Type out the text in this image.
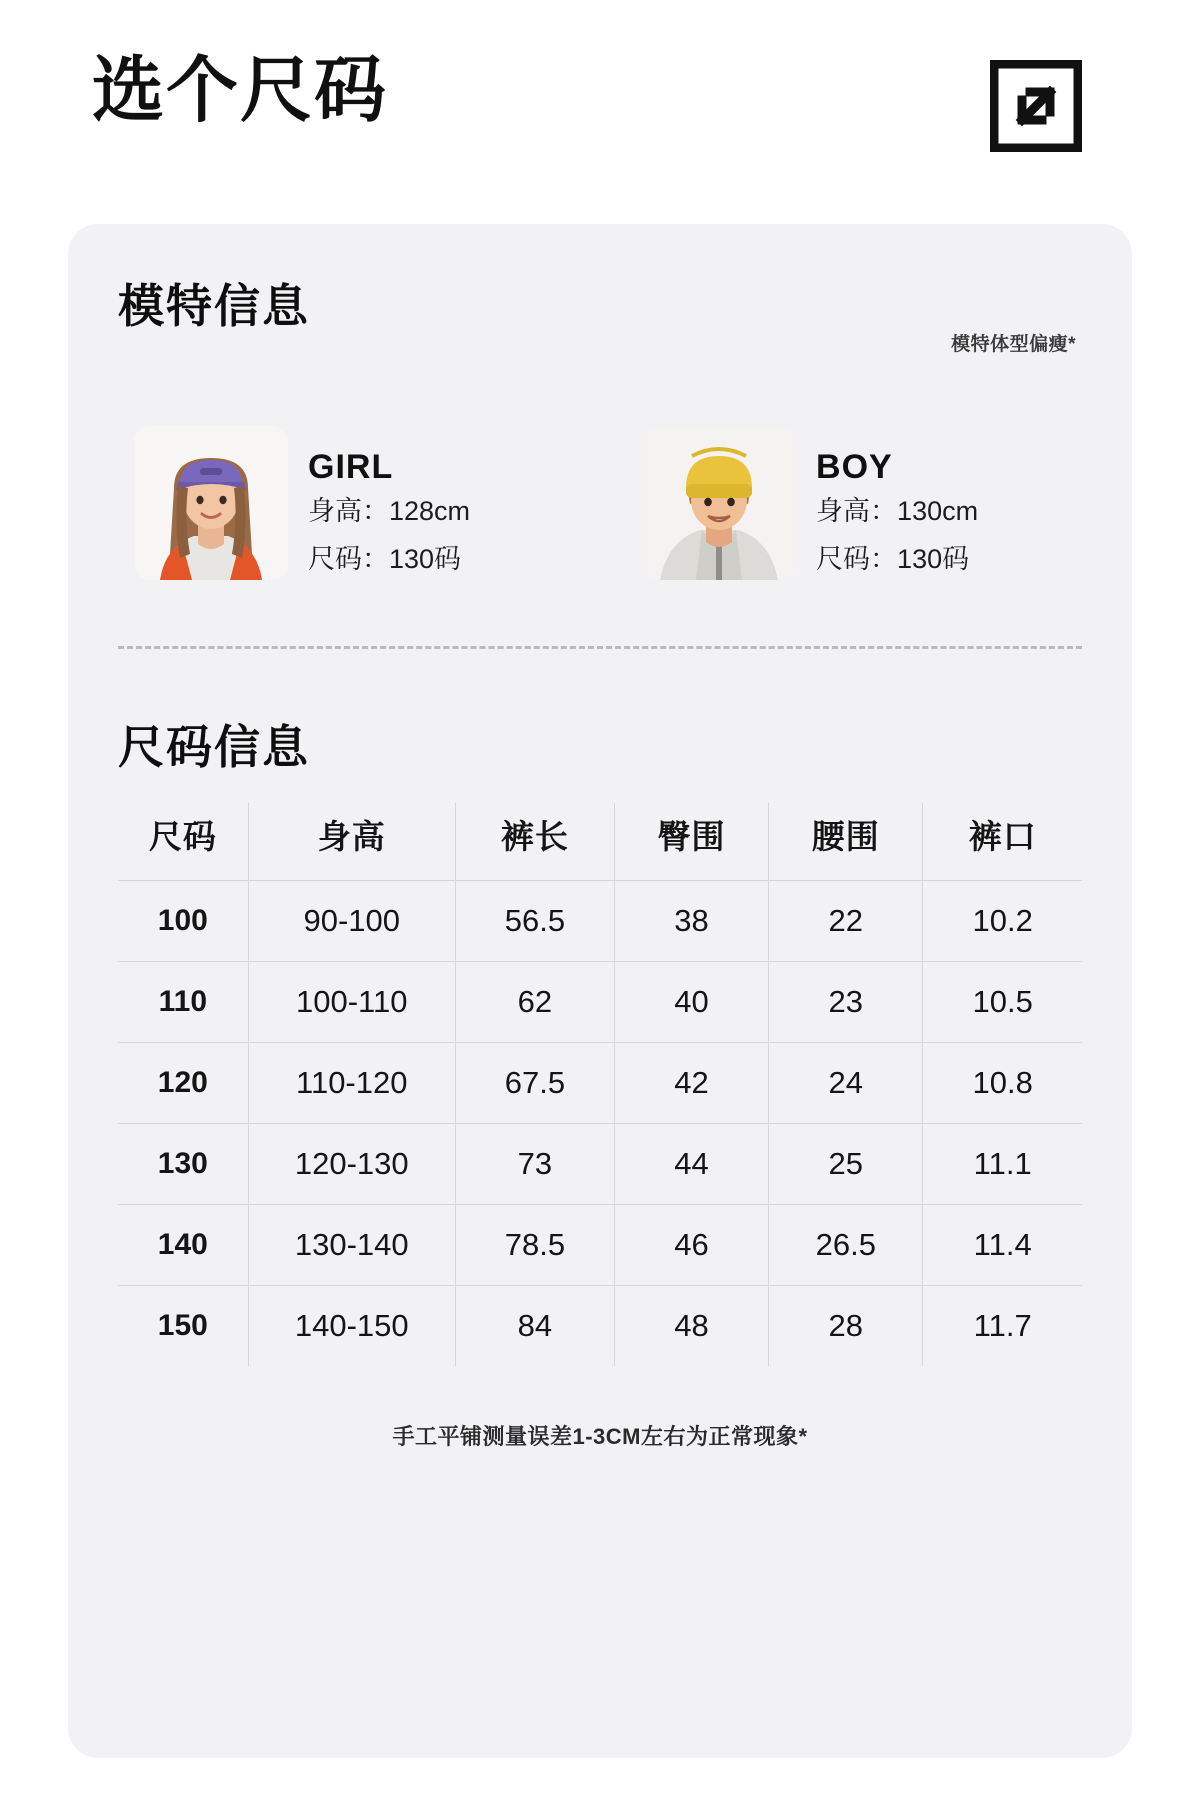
选个尺码
模特信息
模特体型偏瘦*
GIRL
身高：128cm
尺码：130码
BOY
身高：130cm
尺码：130码
尺码信息
尺码	身高	裤长	臀围	腰围	裤口
100	90-100	56.5	38	22	10.2
110	100-110	62	40	23	10.5
120	110-120	67.5	42	24	10.8
130	120-130	73	44	25	11.1
140	130-140	78.5	46	26.5	11.4
150	140-150	84	48	28	11.7
手工平铺测量误差1-3CM左右为正常现象*
